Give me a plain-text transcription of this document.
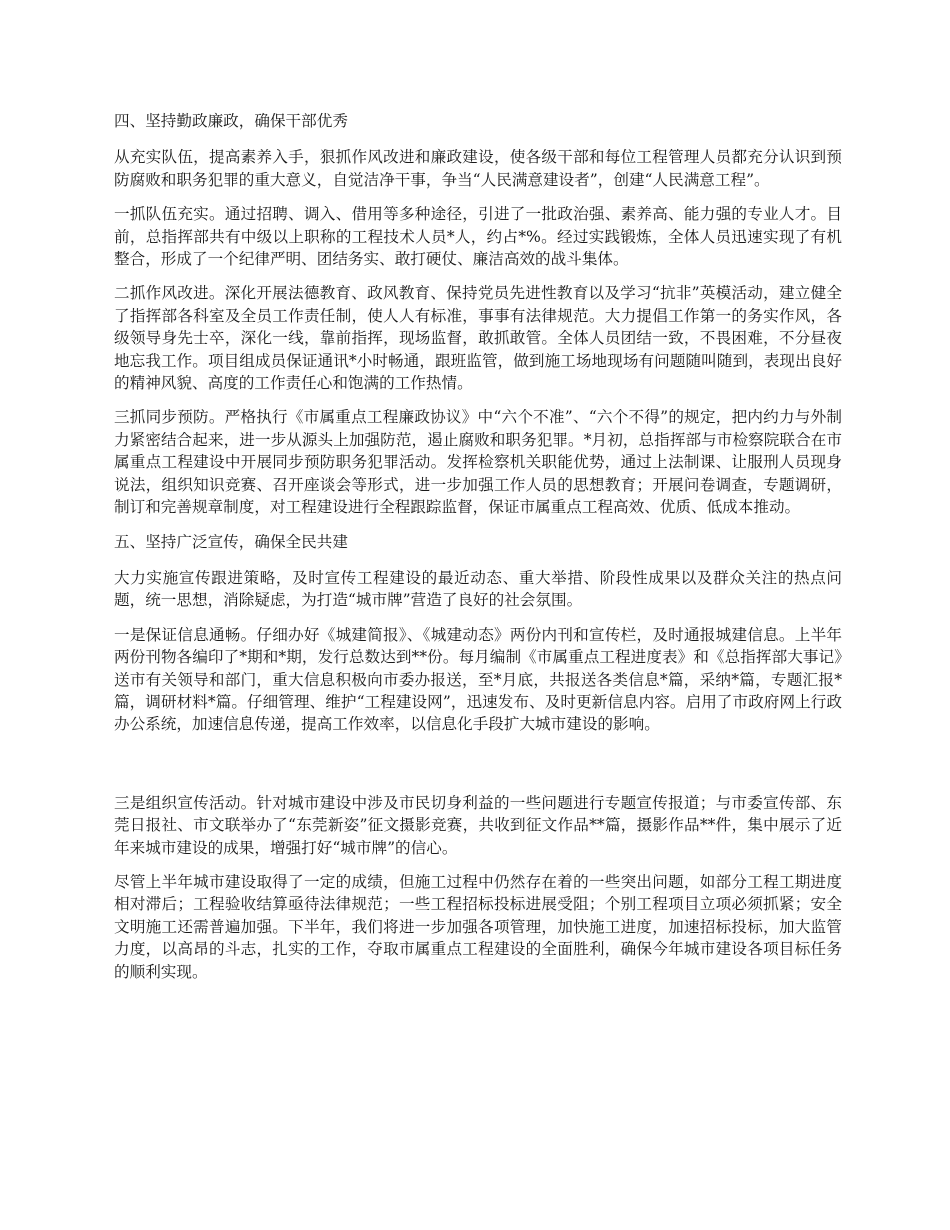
四、坚持勤政廉政，确保干部优秀

从充实队伍，提高素养入手，狠抓作风改进和廉政建设，使各级干部和每位工程管理人员都充分认识到预防腐败和职务犯罪的重大意义，自觉洁净干事，争当“人民满意建设者”，创建“人民满意工程”。

一抓队伍充实。通过招聘、调入、借用等多种途径，引进了一批政治强、素养高、能力强的专业人才。目前，总指挥部共有中级以上职称的工程技术人员*人，约占*%。经过实践锻炼，全体人员迅速实现了有机整合，形成了一个纪律严明、团结务实、敢打硬仗、廉洁高效的战斗集体。

二抓作风改进。深化开展法德教育、政风教育、保持党员先进性教育以及学习“抗非”英模活动，建立健全了指挥部各科室及全员工作责任制，使人人有标准，事事有法律规范。大力提倡工作第一的务实作风，各级领导身先士卒，深化一线，靠前指挥，现场监督，敢抓敢管。全体人员团结一致，不畏困难，不分昼夜地忘我工作。项目组成员保证通讯*小时畅通，跟班监管，做到施工场地现场有问题随叫随到，表现出良好的精神风貌、高度的工作责任心和饱满的工作热情。

三抓同步预防。严格执行《市属重点工程廉政协议》中“六个不准”、“六个不得”的规定，把内约力与外制力紧密结合起来，进一步从源头上加强防范，遏止腐败和职务犯罪。*月初，总指挥部与市检察院联合在市属重点工程建设中开展同步预防职务犯罪活动。发挥检察机关职能优势，通过上法制课、让服刑人员现身说法，组织知识竞赛、召开座谈会等形式，进一步加强工作人员的思想教育；开展问卷调查，专题调研，制订和完善规章制度，对工程建设进行全程跟踪监督，保证市属重点工程高效、优质、低成本推动。

五、坚持广泛宣传，确保全民共建

大力实施宣传跟进策略，及时宣传工程建设的最近动态、重大举措、阶段性成果以及群众关注的热点问题，统一思想，消除疑虑，为打造“城市牌”营造了良好的社会氛围。

一是保证信息通畅。仔细办好《城建简报》、《城建动态》两份内刊和宣传栏，及时通报城建信息。上半年两份刊物各编印了*期和*期，发行总数达到**份。每月编制《市属重点工程进度表》和《总指挥部大事记》送市有关领导和部门，重大信息积极向市委办报送，至*月底，共报送各类信息*篇，采纳*篇，专题汇报*篇，调研材料*篇。仔细管理、维护“工程建设网”，迅速发布、及时更新信息内容。启用了市政府网上行政办公系统，加速信息传递，提高工作效率，以信息化手段扩大城市建设的影响。

三是组织宣传活动。针对城市建设中涉及市民切身利益的一些问题进行专题宣传报道；与市委宣传部、东莞日报社、市文联举办了“东莞新姿”征文摄影竞赛，共收到征文作品**篇，摄影作品**件，集中展示了近年来城市建设的成果，增强打好“城市牌”的信心。

尽管上半年城市建设取得了一定的成绩，但施工过程中仍然存在着的一些突出问题，如部分工程工期进度相对滞后；工程验收结算亟待法律规范；一些工程招标投标进展受阻；个别工程项目立项必须抓紧；安全文明施工还需普遍加强。下半年，我们将进一步加强各项管理，加快施工进度，加速招标投标，加大监管力度，以高昂的斗志，扎实的工作，夺取市属重点工程建设的全面胜利，确保今年城市建设各项目标任务的顺利实现。
